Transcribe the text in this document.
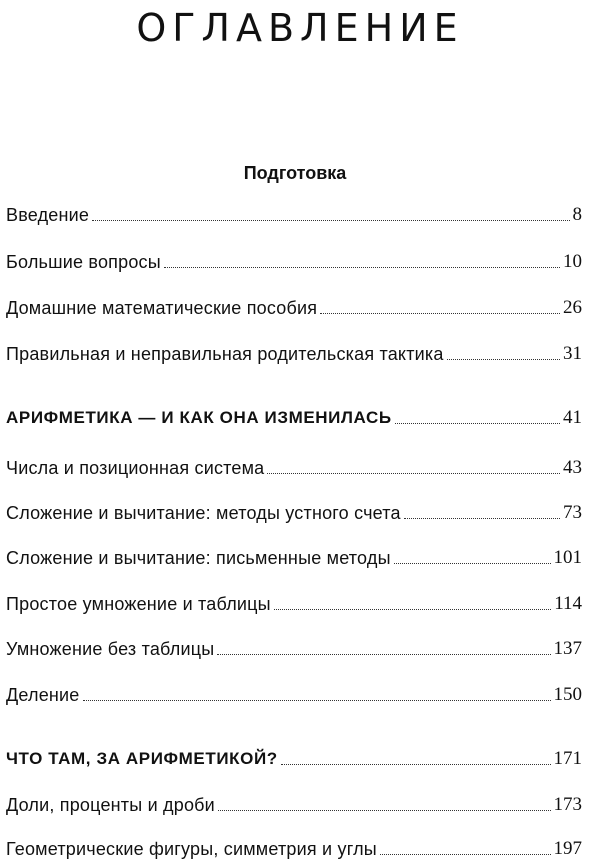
ОГЛАВЛЕНИЕ
Подготовка
Введение	8
Большие вопросы	10
Домашние математические пособия	26
Правильная и неправильная родительская тактика	31
АРИФМЕТИКА — И КАК ОНА ИЗМЕНИЛАСЬ	41
Числа и позиционная система	43
Сложение и вычитание: методы устного счета	73
Сложение и вычитание: письменные методы	101
Простое умножение и таблицы	114
Умножение без таблицы	137
Деление	150
ЧТО ТАМ, ЗА АРИФМЕТИКОЙ?	171
Доли, проценты и дроби	173
Геометрические фигуры, симметрия и углы	197
